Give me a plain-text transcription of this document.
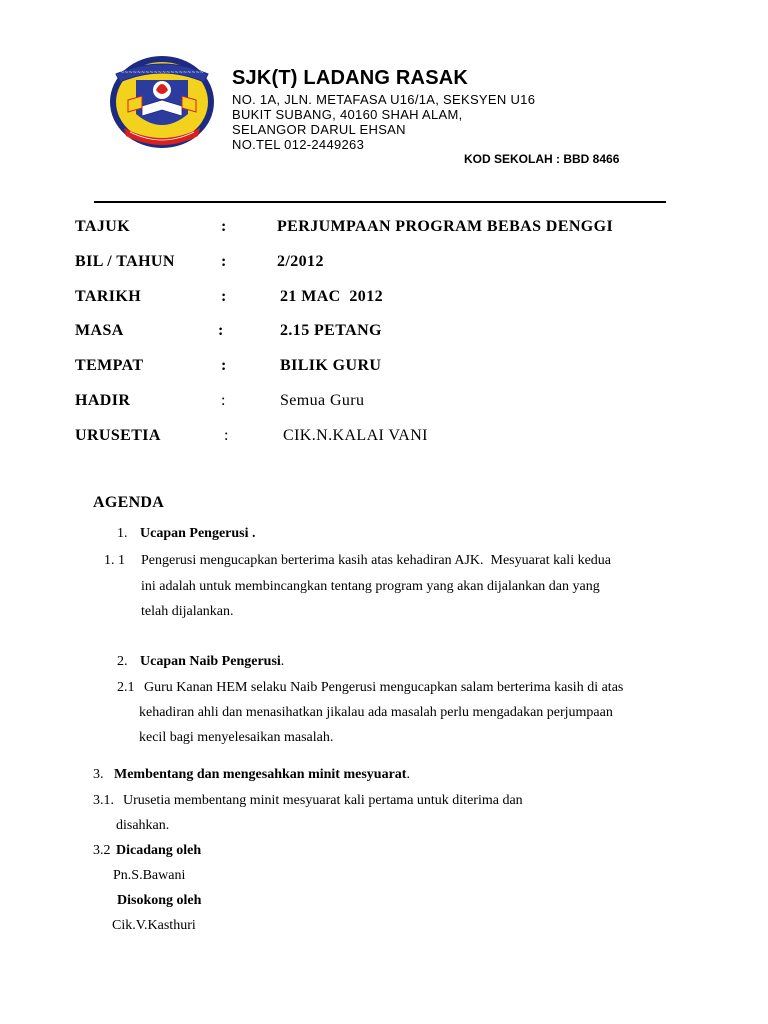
~~~~~~~~~~~~~~~~~~~~ SJK(T) LADANG RASAK
NO. 1A, JLN. METAFASA U16/1A, SEKSYEN U16
BUKIT SUBANG, 40160 SHAH ALAM,
SELANGOR DARUL EHSAN
NO.TEL 012-2449263
KOD SEKOLAH : BBD 8466
TAJUK	:	PERJUMPAAN PROGRAM BEBAS DENGGI
BIL / TAHUN	:	2/2012
TARIKH	:	21 MAC  2012
MASA	:	2.15 PETANG
TEMPAT	:	BILIK GURU
HADIR	:	Semua Guru
URUSETIA	:	CIK.N.KALAI VANI
AGENDA
1. Ucapan Pengerusi .
1. 1 Pengerusi mengucapkan berterima kasih atas kehadiran AJK.  Mesyuarat kali kedua
ini adalah untuk membincangkan tentang program yang akan dijalankan dan yang
telah dijalankan.
2. Ucapan Naib Pengerusi.
2.1 Guru Kanan HEM selaku Naib Pengerusi mengucapkan salam berterima kasih di atas
kehadiran ahli dan menasihatkan jikalau ada masalah perlu mengadakan perjumpaan
kecil bagi menyelesaikan masalah.
3. Membentang dan mengesahkan minit mesyuarat.
3.1. Urusetia membentang minit mesyuarat kali pertama untuk diterima dan
disahkan.
3.2 Dicadang oleh
Pn.S.Bawani
Disokong oleh
Cik.V.Kasthuri
